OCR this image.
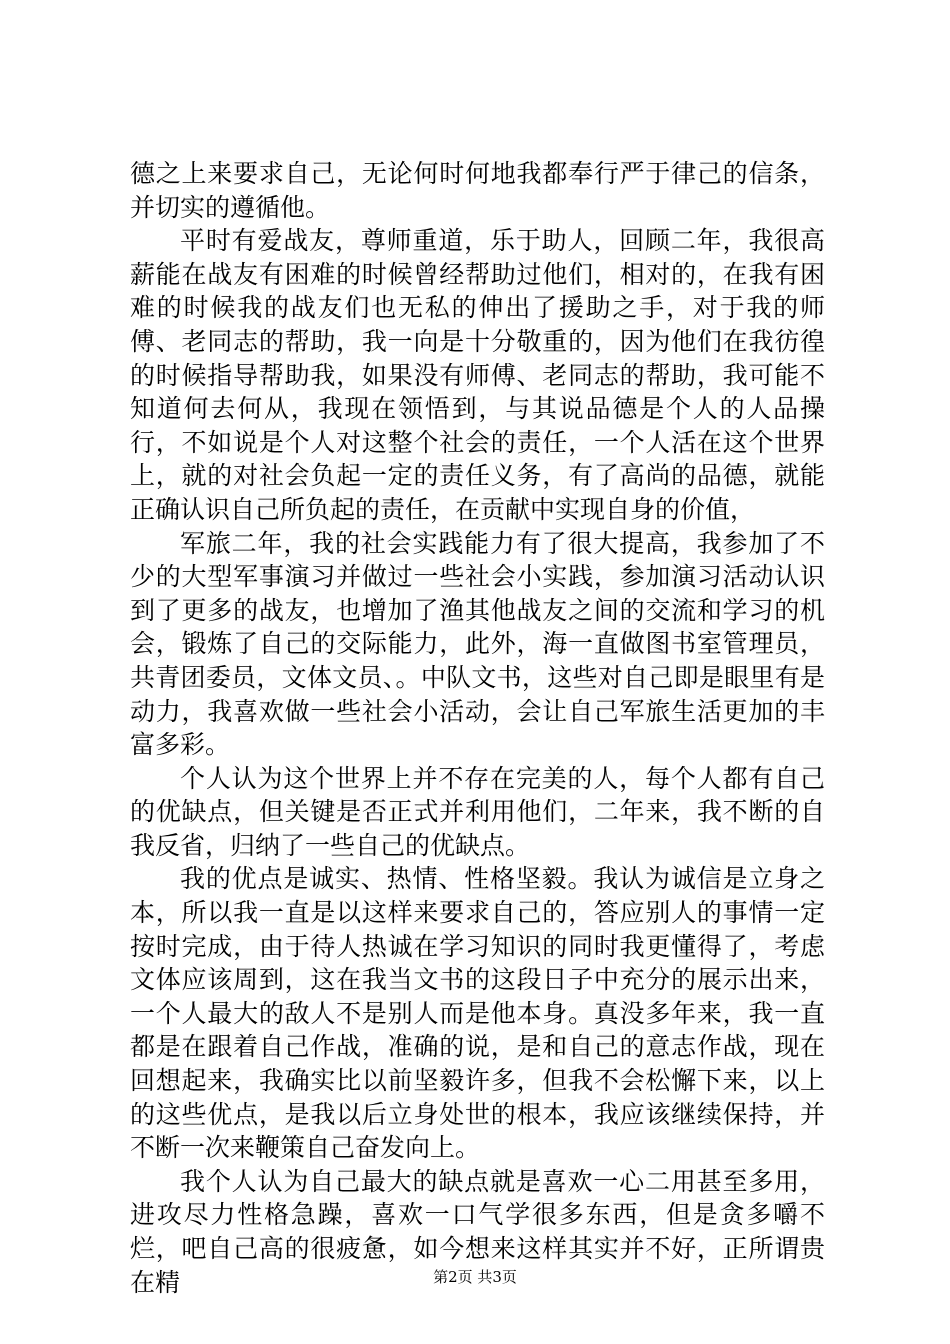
德之上来要求自己，无论何时何地我都奉行严于律己的信条，并切实的遵循他。

平时有爱战友，尊师重道，乐于助人，回顾二年，我很高薪能在战友有困难的时候曾经帮助过他们，相对的，在我有困难的时候我的战友们也无私的伸出了援助之手，对于我的师傅、老同志的帮助，我一向是十分敬重的，因为他们在我彷徨的时候指导帮助我，如果没有师傅、老同志的帮助，我可能不知道何去何从，我现在领悟到，与其说品德是个人的人品操行，不如说是个人对这整个社会的责任，一个人活在这个世界上，就的对社会负起一定的责任义务，有了高尚的品德，就能正确认识自己所负起的责任，在贡献中实现自身的价值，

军旅二年，我的社会实践能力有了很大提高，我参加了不少的大型军事演习并做过一些社会小实践，参加演习活动认识到了更多的战友，也增加了渔其他战友之间的交流和学习的机会，锻炼了自己的交际能力，此外，海一直做图书室管理员，共青团委员，文体文员、。中队文书，这些对自己即是眼里有是动力，我喜欢做一些社会小活动，会让自己军旅生活更加的丰富多彩。

个人认为这个世界上并不存在完美的人，每个人都有自己的优缺点，但关键是否正式并利用他们，二年来，我不断的自我反省，归纳了一些自己的优缺点。

我的优点是诚实、热情、性格坚毅。我认为诚信是立身之本，所以我一直是以这样来要求自己的，答应别人的事情一定按时完成，由于待人热诚在学习知识的同时我更懂得了，考虑文体应该周到，这在我当文书的这段日子中充分的展示出来，一个人最大的敌人不是别人而是他本身。真没多年来，我一直都是在跟着自己作战，准确的说，是和自己的意志作战，现在回想起来，我确实比以前坚毅许多，但我不会松懈下来，以上的这些优点，是我以后立身处世的根本，我应该继续保持，并不断一次来鞭策自己奋发向上。

我个人认为自己最大的缺点就是喜欢一心二用甚至多用，进攻尽力性格急躁，喜欢一口气学很多东西，但是贪多嚼不烂，吧自己高的很疲惫，如今想来这样其实并不好，正所谓贵在精	第2页 共3页
